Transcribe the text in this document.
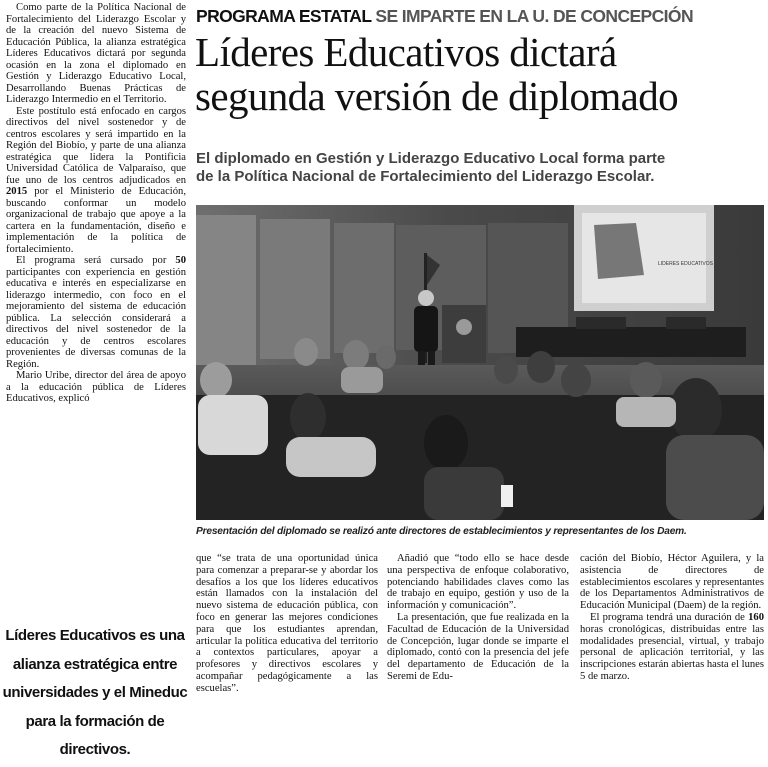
Como parte de la Política Nacional de Fortalecimiento del Liderazgo Escolar y de la creación del nuevo Sistema de Educación Pública, la alianza estratégica Líderes Educativos dictará por segunda ocasión en la zona el diplomado en Gestión y Liderazgo Educativo Local, Desarrollando Buenas Prácticas de Liderazgo Intermedio en el Territorio.

Este postítulo está enfocado en cargos directivos del nivel sostenedor y de centros escolares y será impartido en la Región del Biobío, y parte de una alianza estratégica que lidera la Pontificia Universidad Católica de Valparaíso, que fue uno de los centros adjudicados en 2015 por el Ministerio de Educación, buscando conformar un modelo organizacional de trabajo que apoye a la cartera en la fundamentación, diseño e implementación de la política de fortalecimiento.

El programa será cursado por 50 participantes con experiencia en gestión educativa e interés en especializarse en liderazgo intermedio, con foco en el mejoramiento del sistema de educación pública. La selección considerará a directivos del nivel sostenedor de la educación y de centros escolares provenientes de diversas comunas de la Región.

Mario Uribe, director del área de apoyo a la educación pública de Líderes Educativos, explicó

Líderes Educativos es una alianza estratégica entre universidades y el Mineduc para la formación de directivos.
PROGRAMA ESTATAL SE IMPARTE EN LA U. DE CONCEPCIÓN
Líderes Educativos dictará
segunda versión de diplomado
El diplomado en Gestión y Liderazgo Educativo Local forma parte
de la Política Nacional de Fortalecimiento del Liderazgo Escolar.
LIDERES EDUCATIVOS
Presentación del diplomado se realizó ante directores de establecimientos y representantes de los Daem.

que “se trata de una oportunidad única para comenzar a preparar-se y abordar los desafíos a los que los líderes educativos están llamados con la instalación del nuevo sistema de educación pública, con foco en generar las mejores condiciones para que los estudiantes aprendan, articular la política educativa del territorio a contextos particulares, apoyar a profesores y directivos escolares y acompañar pedagógicamente a las escuelas”.

Añadió que “todo ello se hace desde una perspectiva de enfoque colaborativo, potenciando habilidades claves como las de trabajo en equipo, gestión y uso de la información y comunicación”.

La presentación, que fue realizada en la Facultad de Educación de la Universidad de Concepción, lugar donde se imparte el diplomado, contó con la presencia del jefe del departamento de Educación de la Seremi de Edu-

cación del Biobío, Héctor Aguilera, y la asistencia de directores de establecimientos escolares y representantes de los Departamentos Administrativos de Educación Municipal (Daem) de la región.

El programa tendrá una duración de 160 horas cronológicas, distribuidas entre las modalidades presencial, virtual, y trabajo personal de aplicación territorial, y las inscripciones estarán abiertas hasta el lunes 5 de marzo.
